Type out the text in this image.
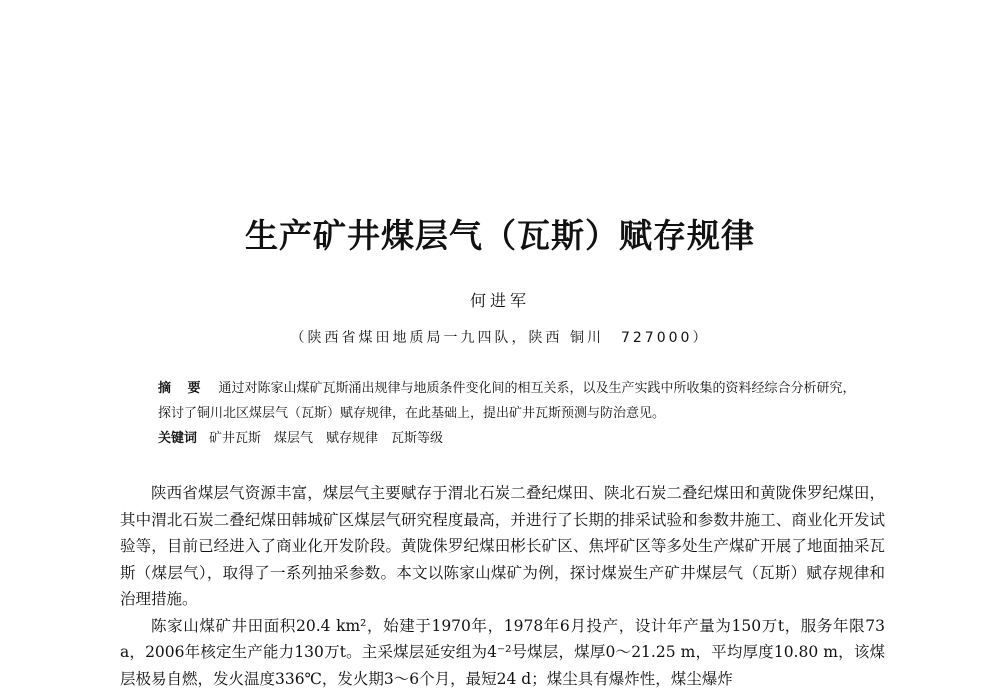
生产矿井煤层气（瓦斯）赋存规律
何进军
（陕西省煤田地质局一九四队，陕西 铜川　727000）
摘 要 通过对陈家山煤矿瓦斯涌出规律与地质条件变化间的相互关系，以及生产实践中所收集的资料经综合分析研究，探讨了铜川北区煤层气（瓦斯）赋存规律，在此基础上，提出矿井瓦斯预测与防治意见。
关键词 矿井瓦斯　煤层气　赋存规律　瓦斯等级

陕西省煤层气资源丰富，煤层气主要赋存于渭北石炭二叠纪煤田、陕北石炭二叠纪煤田和黄陇侏罗纪煤田，其中渭北石炭二叠纪煤田韩城矿区煤层气研究程度最高，并进行了长期的排采试验和参数井施工、商业化开发试验等，目前已经进入了商业化开发阶段。黄陇侏罗纪煤田彬长矿区、焦坪矿区等多处生产煤矿开展了地面抽采瓦斯（煤层气），取得了一系列抽采参数。本文以陈家山煤矿为例，探讨煤炭生产矿井煤层气（瓦斯）赋存规律和治理措施。

陈家山煤矿井田面积20.4 km²，始建于1970年，1978年6月投产，设计年产量为150万t，服务年限73 a，2006年核定生产能力130万t。主采煤层延安组为4⁻²号煤层，煤厚0～21.25 m，平均厚度10.80 m，该煤层极易自燃，发火温度336℃，发火期3～6个月，最短24 d；煤尘具有爆炸性，煤尘爆炸
